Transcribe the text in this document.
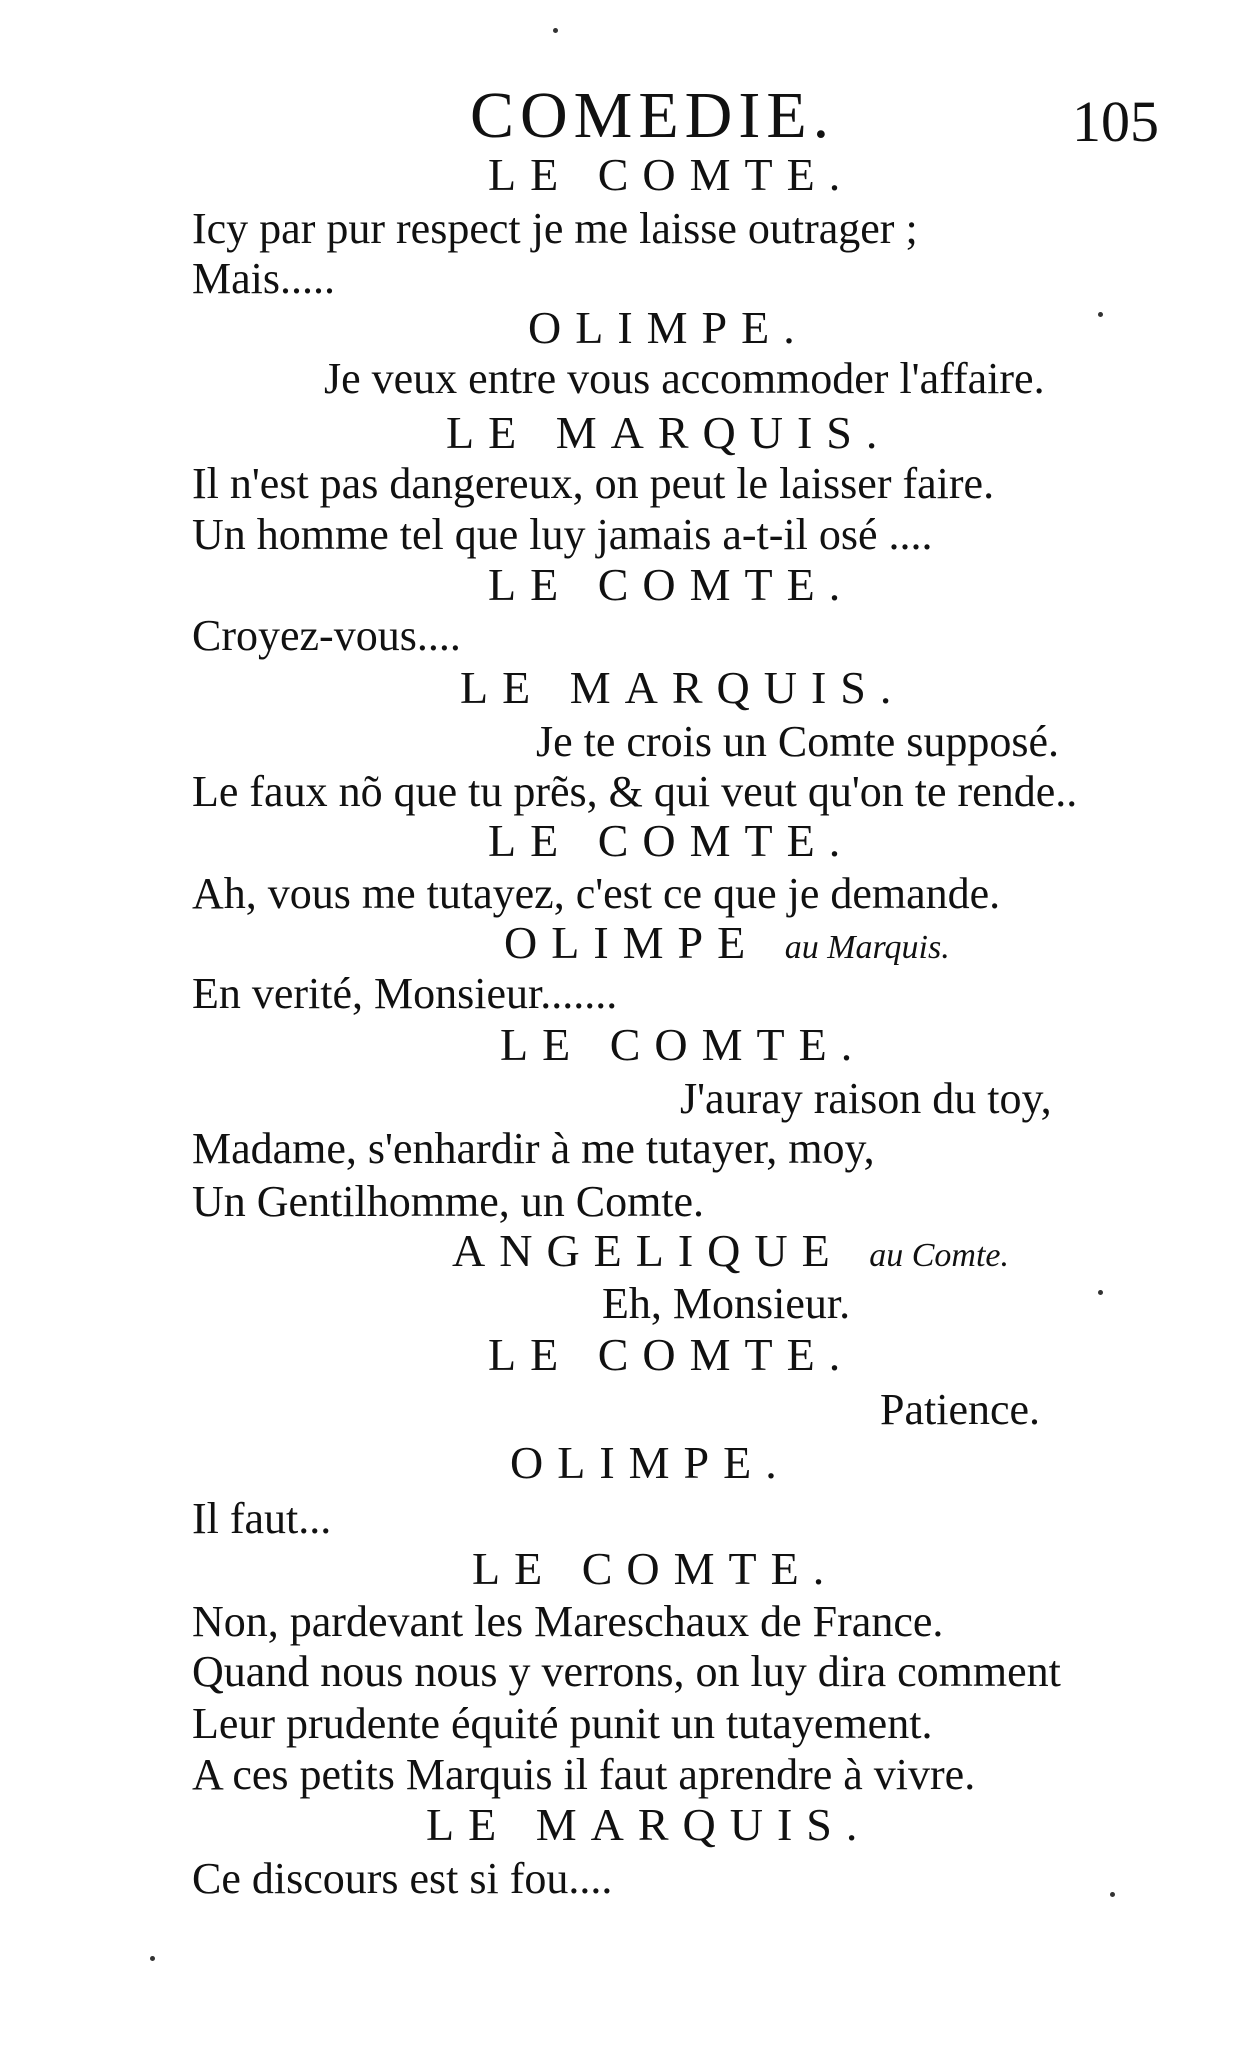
COMEDIE.	105
LE COMTE.
Icy par pur respect je me laisse outrager ;
Mais.....
OLIMPE.
Je veux entre vous accommoder l'affaire.
LE MARQUIS.
Il n'est pas dangereux, on peut le laisser faire.
Un homme tel que luy jamais a-t-il osé ....
LE COMTE.
Croyez-vous....
LE MARQUIS.
Je te crois un Comte supposé.
Le faux nõ que tu prẽs, & qui veut qu'on te rende..
LE COMTE.
Ah, vous me tutayez, c'est ce que je demande.
OLIMPE au Marquis.
En verité, Monsieur.......
LE COMTE.
J'auray raison du toy,
Madame, s'enhardir à me tutayer, moy,
Un Gentilhomme, un Comte.
ANGELIQUE au Comte.
Eh, Monsieur.
LE COMTE.
Patience.
OLIMPE.
Il faut...
LE COMTE.
Non, pardevant les Mareschaux de France.
Quand nous nous y verrons, on luy dira comment
Leur prudente équité punit un tutayement.
A ces petits Marquis il faut aprendre à vivre.
LE MARQUIS.
Ce discours est si fou....
